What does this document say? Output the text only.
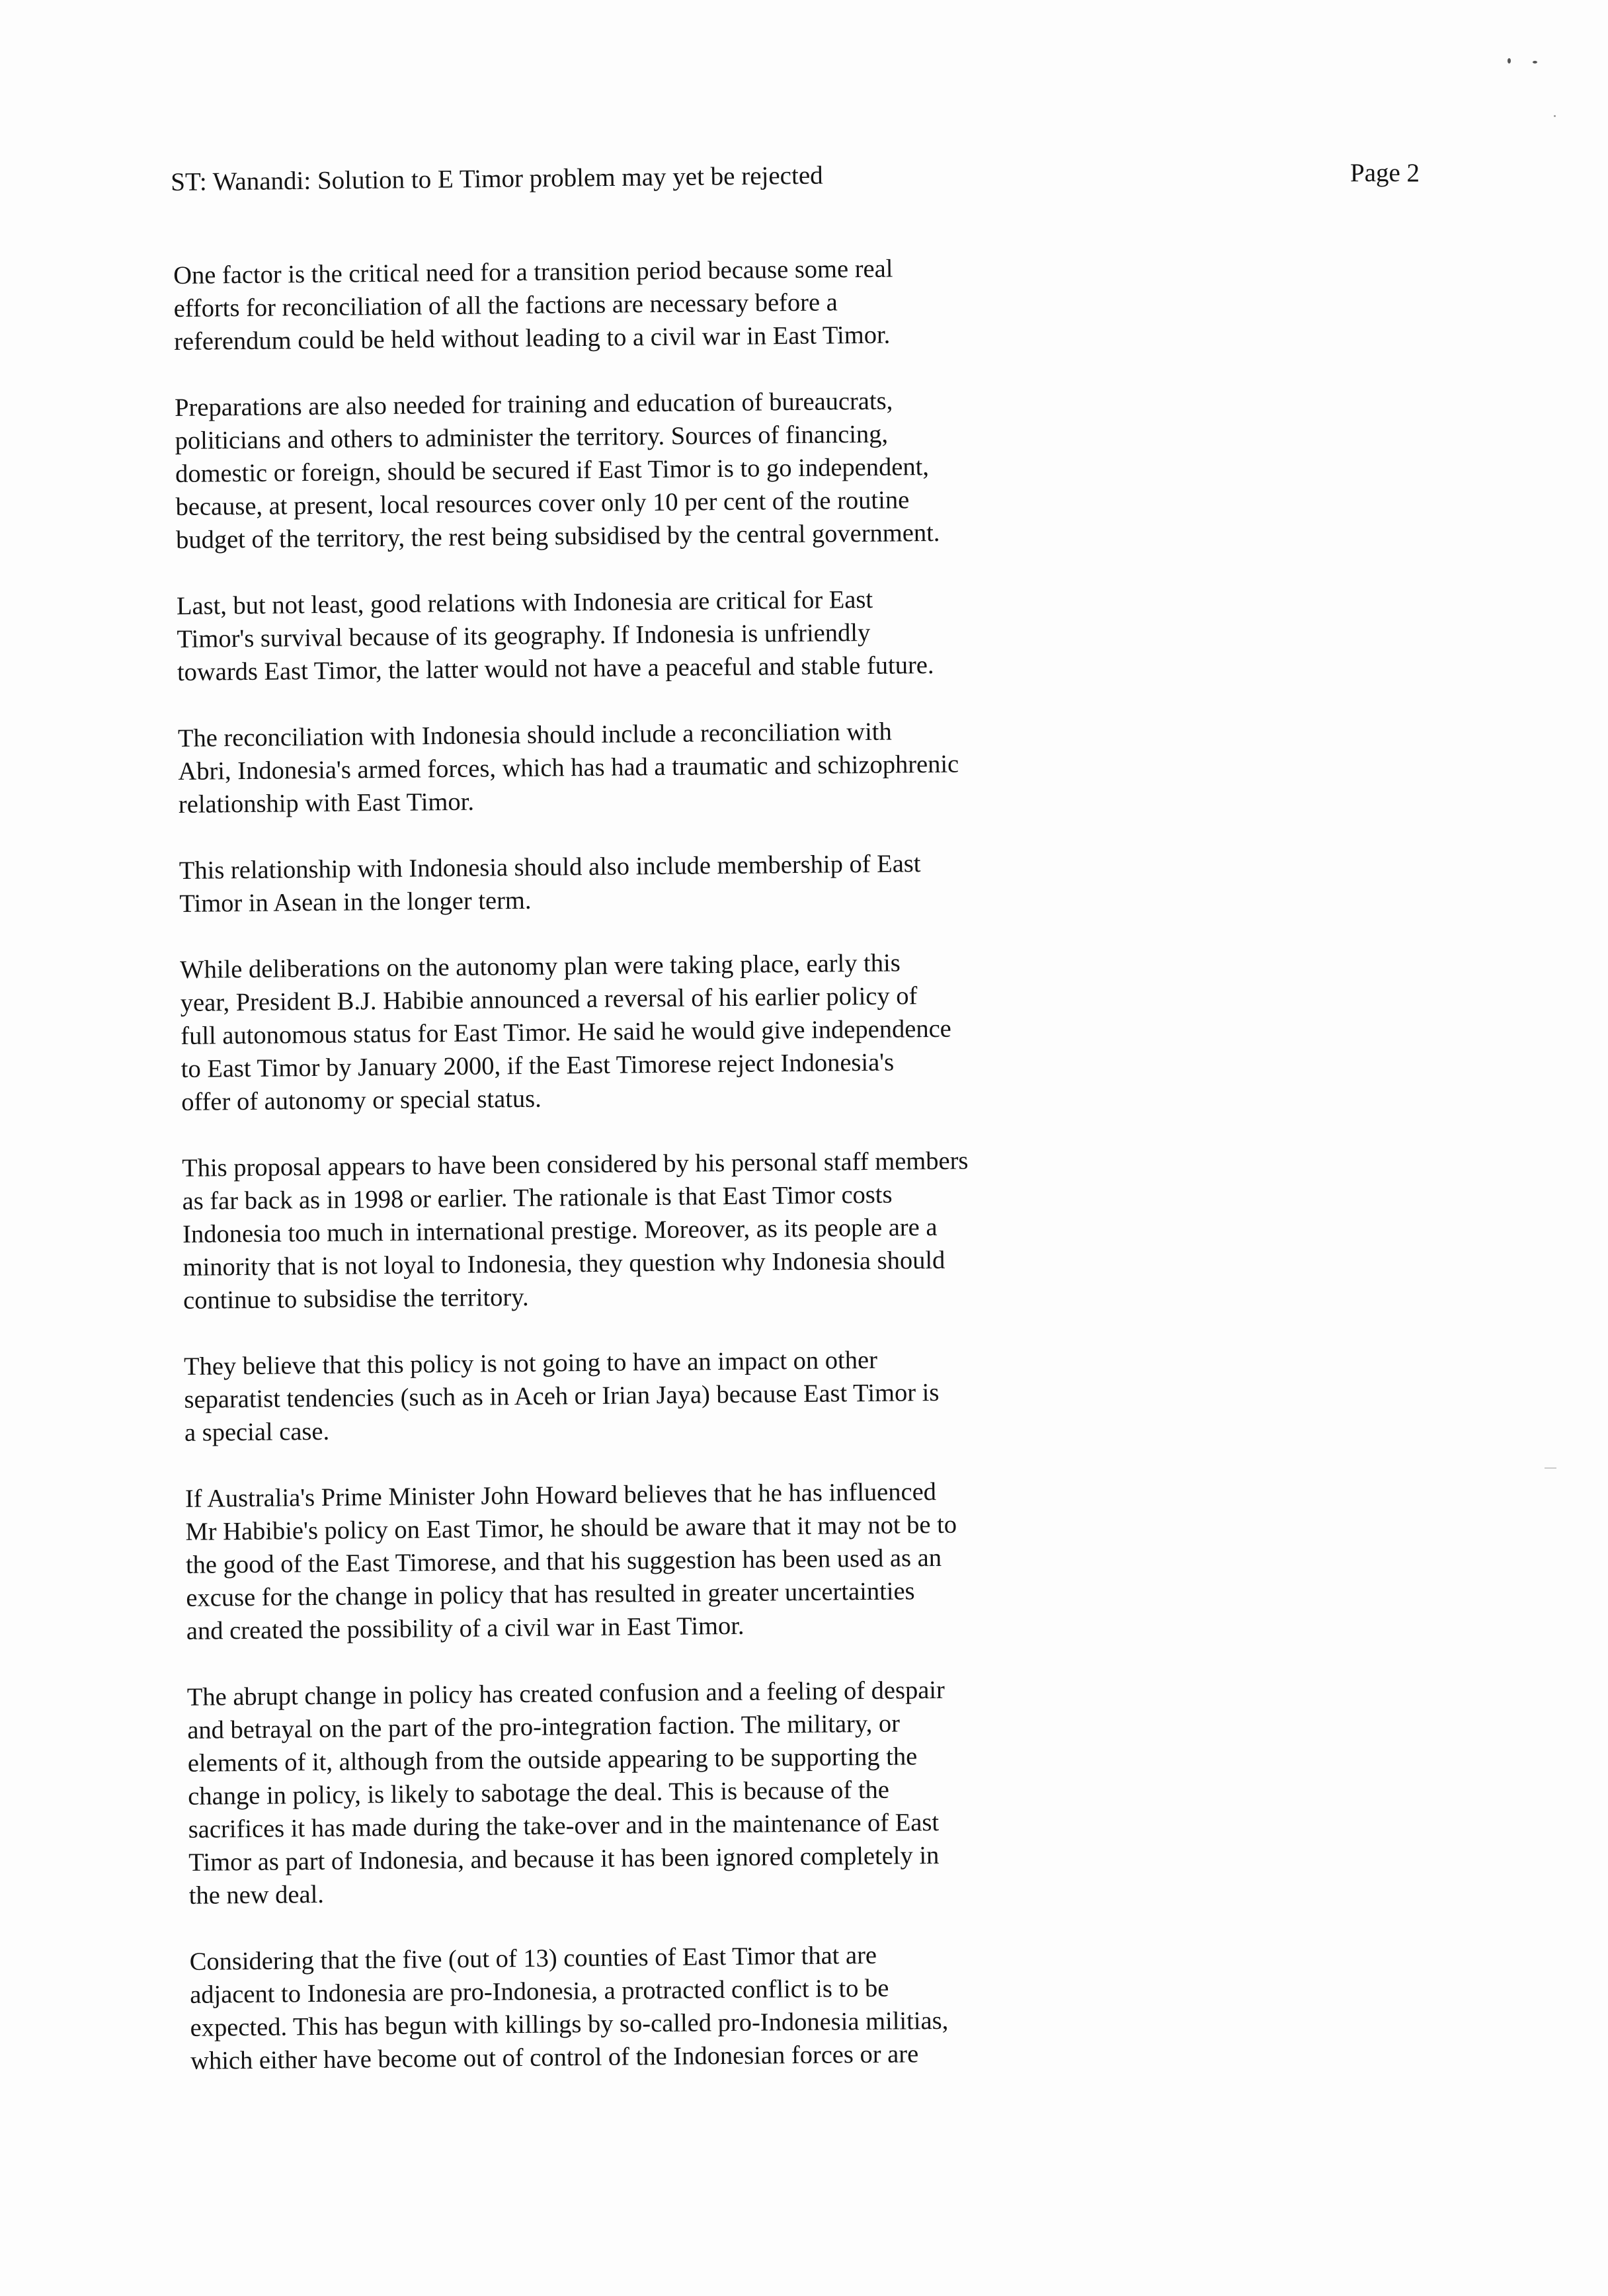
ST: Wanandi: Solution to E Timor problem may yet be rejected	Page 2

One factor is the critical need for a transition period because some real
efforts for reconciliation of all the factions are necessary before a
referendum could be held without leading to a civil war in East Timor.

Preparations are also needed for training and education of bureaucrats,
politicians and others to administer the territory. Sources of financing,
domestic or foreign, should be secured if East Timor is to go independent,
because, at present, local resources cover only 10 per cent of the routine
budget of the territory, the rest being subsidised by the central government.

Last, but not least, good relations with Indonesia are critical for East
Timor's survival because of its geography. If Indonesia is unfriendly
towards East Timor, the latter would not have a peaceful and stable future.

The reconciliation with Indonesia should include a reconciliation with
Abri, Indonesia's armed forces, which has had a traumatic and schizophrenic
relationship with East Timor.

This relationship with Indonesia should also include membership of East
Timor in Asean in the longer term.

While deliberations on the autonomy plan were taking place, early this
year, President B.J. Habibie announced a reversal of his earlier policy of
full autonomous status for East Timor. He said he would give independence
to East Timor by January 2000, if the East Timorese reject Indonesia's
offer of autonomy or special status.

This proposal appears to have been considered by his personal staff members
as far back as in 1998 or earlier. The rationale is that East Timor costs
Indonesia too much in international prestige. Moreover, as its people are a
minority that is not loyal to Indonesia, they question why Indonesia should
continue to subsidise the territory.

They believe that this policy is not going to have an impact on other
separatist tendencies (such as in Aceh or Irian Jaya) because East Timor is
a special case.

If Australia's Prime Minister John Howard believes that he has influenced
Mr Habibie's policy on East Timor, he should be aware that it may not be to
the good of the East Timorese, and that his suggestion has been used as an
excuse for the change in policy that has resulted in greater uncertainties
and created the possibility of a civil war in East Timor.

The abrupt change in policy has created confusion and a feeling of despair
and betrayal on the part of the pro-integration faction. The military, or
elements of it, although from the outside appearing to be supporting the
change in policy, is likely to sabotage the deal. This is because of the
sacrifices it has made during the take-over and in the maintenance of East
Timor as part of Indonesia, and because it has been ignored completely in
the new deal.

Considering that the five (out of 13) counties of East Timor that are
adjacent to Indonesia are pro-Indonesia, a protracted conflict is to be
expected. This has begun with killings by so-called pro-Indonesia militias,
which either have become out of control of the Indonesian forces or are
